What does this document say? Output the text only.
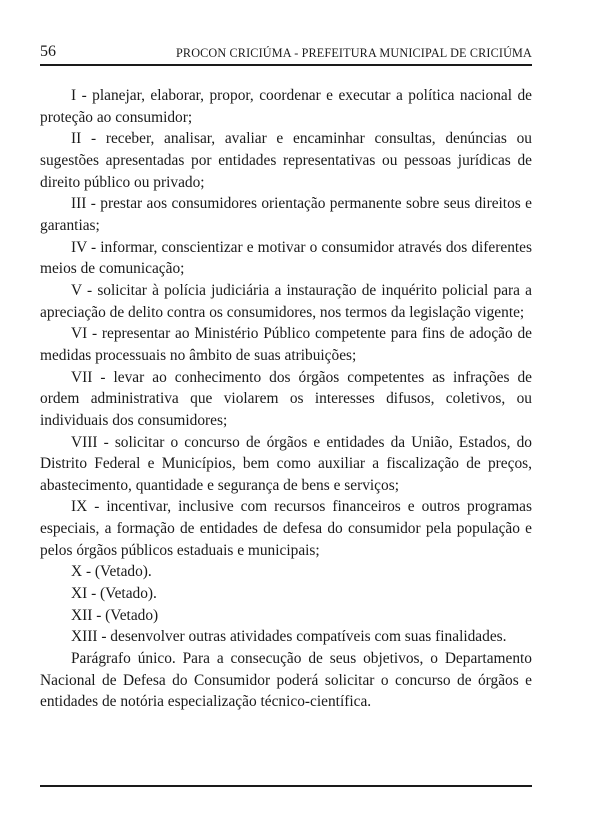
56	PROCON CRICIÚMA - PREFEITURA MUNICIPAL DE CRICIÚMA

I - planejar, elaborar, propor, coordenar e executar a política nacional de proteção ao consumidor;

II - receber, analisar, avaliar e encaminhar consultas, denúncias ou sugestões apresentadas por entidades representativas ou pessoas jurídicas de direito público ou privado;

III - prestar aos consumidores orientação permanente sobre seus direitos e garantias;

IV - informar, conscientizar e motivar o consumidor através dos diferentes meios de comunicação;

V - solicitar à polícia judiciária a instauração de inquérito policial para a apreciação de delito contra os consumidores, nos termos da legislação vigente;

VI - representar ao Ministério Público competente para fins de adoção de medidas processuais no âmbito de suas atribuições;

VII - levar ao conhecimento dos órgãos competentes as infrações de ordem administrativa que violarem os interesses difusos, coletivos, ou individuais dos consumidores;

VIII - solicitar o concurso de órgãos e entidades da União, Estados, do Distrito Federal e Municípios, bem como auxiliar a fiscalização de preços, abastecimento, quantidade e segurança de bens e serviços;

IX - incentivar, inclusive com recursos financeiros e outros programas especiais, a formação de entidades de defesa do consumidor pela população e pelos órgãos públicos estaduais e municipais;

X - (Vetado).

XI - (Vetado).

XII - (Vetado)

XIII - desenvolver outras atividades compatíveis com suas finalidades.

Parágrafo único. Para a consecução de seus objetivos, o Departamento Nacional de Defesa do Consumidor poderá solicitar o concurso de órgãos e entidades de notória especialização técnico-científica.
